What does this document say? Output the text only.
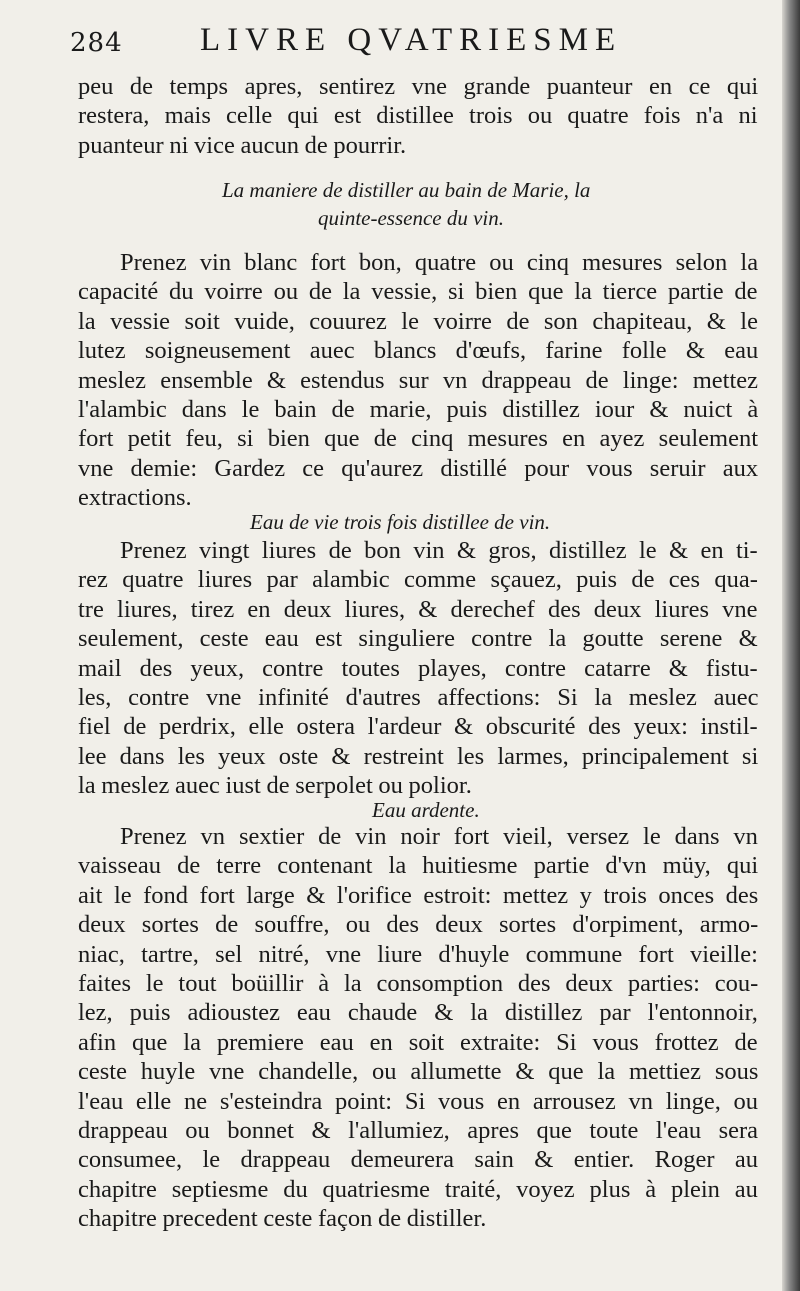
284 LIVRE QVATRIESME
peu de temps apres, sentirez vne grande puanteur en ce qui
restera, mais celle qui est distillee trois ou quatre fois n'a ni
puanteur ni vice aucun de pourrir.
La maniere de distiller au bain de Marie, la
quinte-essence du vin.
Prenez vin blanc fort bon, quatre ou cinq mesures selon la
capacité du voirre ou de la vessie, si bien que la tierce partie de
la vessie soit vuide, couurez le voirre de son chapiteau, & le
lutez soigneusement auec blancs d'œufs, farine folle & eau
meslez ensemble & estendus sur vn drappeau de linge: mettez
l'alambic dans le bain de marie, puis distillez iour & nuict à
fort petit feu, si bien que de cinq mesures en ayez seulement
vne demie: Gardez ce qu'aurez distillé pour vous seruir aux
extractions.
Eau de vie trois fois distillee de vin.
Prenez vingt liures de bon vin & gros, distillez le & en ti-
rez quatre liures par alambic comme sçauez, puis de ces qua-
tre liures, tirez en deux liures, & derechef des deux liures vne
seulement, ceste eau est singuliere contre la goutte serene &
mail des yeux, contre toutes playes, contre catarre & fistu-
les, contre vne infinité d'autres affections: Si la meslez auec
fiel de perdrix, elle ostera l'ardeur & obscurité des yeux: instil-
lee dans les yeux oste & restreint les larmes, principalement si
la meslez auec iust de serpolet ou polior.
Eau ardente.
Prenez vn sextier de vin noir fort vieil, versez le dans vn
vaisseau de terre contenant la huitiesme partie d'vn müy, qui
ait le fond fort large & l'orifice estroit: mettez y trois onces des
deux sortes de souffre, ou des deux sortes d'orpiment, armo-
niac, tartre, sel nitré, vne liure d'huyle commune fort vieille:
faites le tout boüillir à la consomption des deux parties: cou-
lez, puis adioustez eau chaude & la distillez par l'entonnoir,
afin que la premiere eau en soit extraite: Si vous frottez de
ceste huyle vne chandelle, ou allumette & que la mettiez sous
l'eau elle ne s'esteindra point: Si vous en arrousez vn linge, ou
drappeau ou bonnet & l'allumiez, apres que toute l'eau sera
consumee, le drappeau demeurera sain & entier. Roger au
chapitre septiesme du quatriesme traité, voyez plus à plein au
chapitre precedent ceste façon de distiller.
